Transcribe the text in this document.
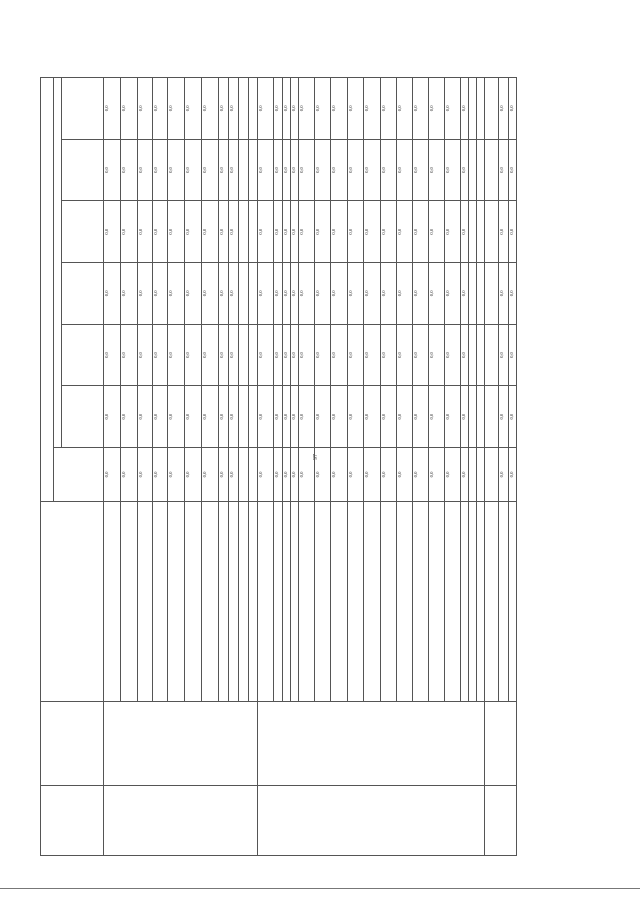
97

			0,0	0,0	0,0	0,0	0,0	0,0	0,0
			0,0	0,0	0,0	0,0	0,0	0,0	0,0
			0,0	0,0	0,0	0,0	0,0	0,0	0,0
			0,0	0,0	0,0	0,0	0,0	0,0	0,0
			0,0	0,0	0,0	0,0	0,0	0,0	0,0
			0,0	0,0	0,0	0,0	0,0	0,0	0,0
			0,0	0,0	0,0	0,0	0,0	0,0	0,0
			0,0	0,0	0,0	0,0	0,0	0,0	0,0
			0,0	0,0	0,0	0,0	0,0	0,0	0,0

			0,0	0,0	0,0	0,0	0,0	0,0	0,0
			0,0	0,0	0,0	0,0	0,0	0,0	0,0
			0,0	0,0	0,0	0,0	0,0	0,0	0,0
			0,0	0,0	0,0	0,0	0,0	0,0	0,0
			0,0	0,0	0,0	0,0	0,0	0,0	0,0
			0,0	0,0	0,0	0,0	0,0	0,0	0,0
			0,0	0,0	0,0	0,0	0,0	0,0	0,0
			0,0	0,0	0,0	0,0	0,0	0,0	0,0
			0,0	0,0	0,0	0,0	0,0	0,0	0,0
			0,0	0,0	0,0	0,0	0,0	0,0	0,0
			0,0	0,0	0,0	0,0	0,0	0,0	0,0
			0,0	0,0	0,0	0,0	0,0	0,0	0,0
			0,0	0,0	0,0	0,0	0,0	0,0	0,0
			0,0	0,0	0,0	0,0	0,0	0,0	0,0
			0,0	0,0	0,0	0,0	0,0	0,0	0,0

			0,0	0,0	0,0	0,0	0,0	0,0	0,0
			0,0	0,0	0,0	0,0	0,0	0,0	0,0
